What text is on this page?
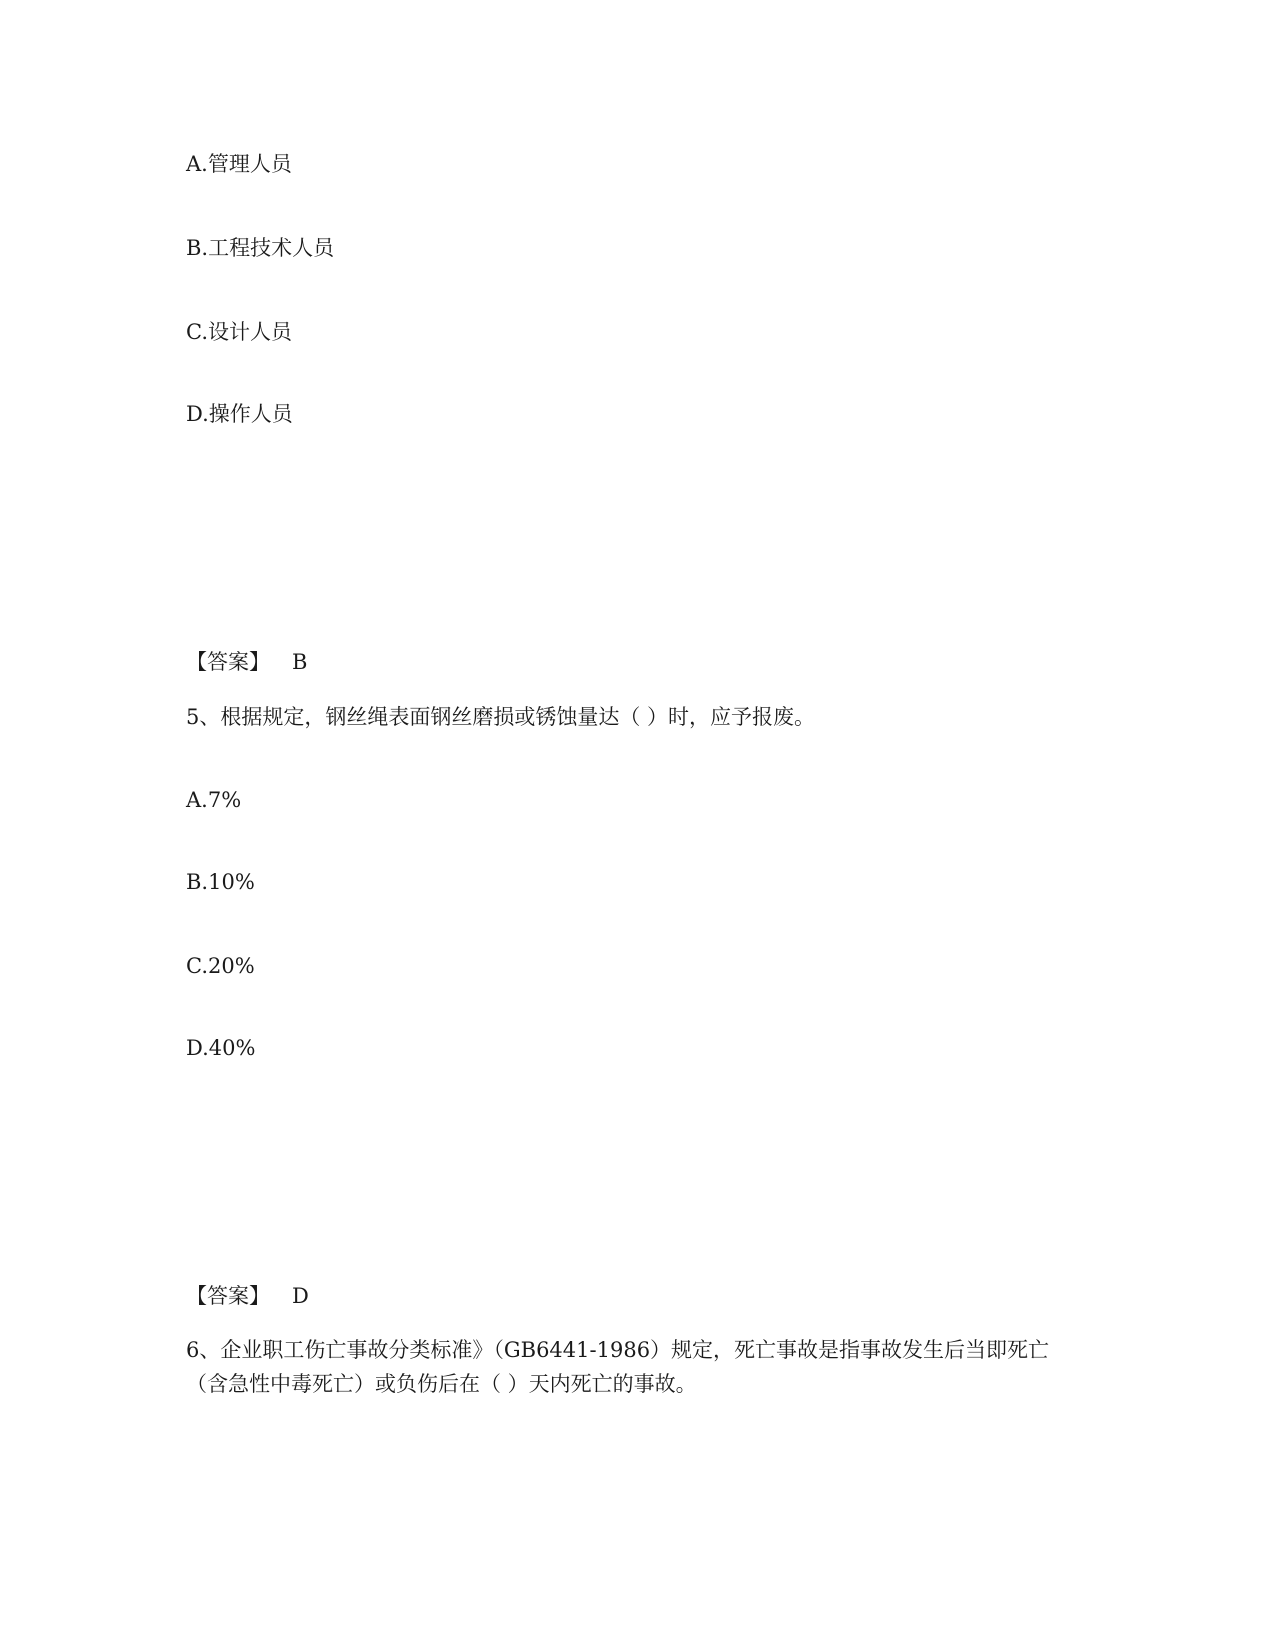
A.管理人员
B.工程技术人员
C.设计人员
D.操作人员
【答案】 B
5、根据规定，钢丝绳表面钢丝磨损或锈蚀量达（ ）时，应予报废。
A.7%
B.10%
C.20%
D.40%
【答案】 D
6、企业职工伤亡事故分类标准》（GB6441-1986）规定，死亡事故是指事故发生后当即死亡（含急性中毒死亡）或负伤后在（ ）天内死亡的事故。
